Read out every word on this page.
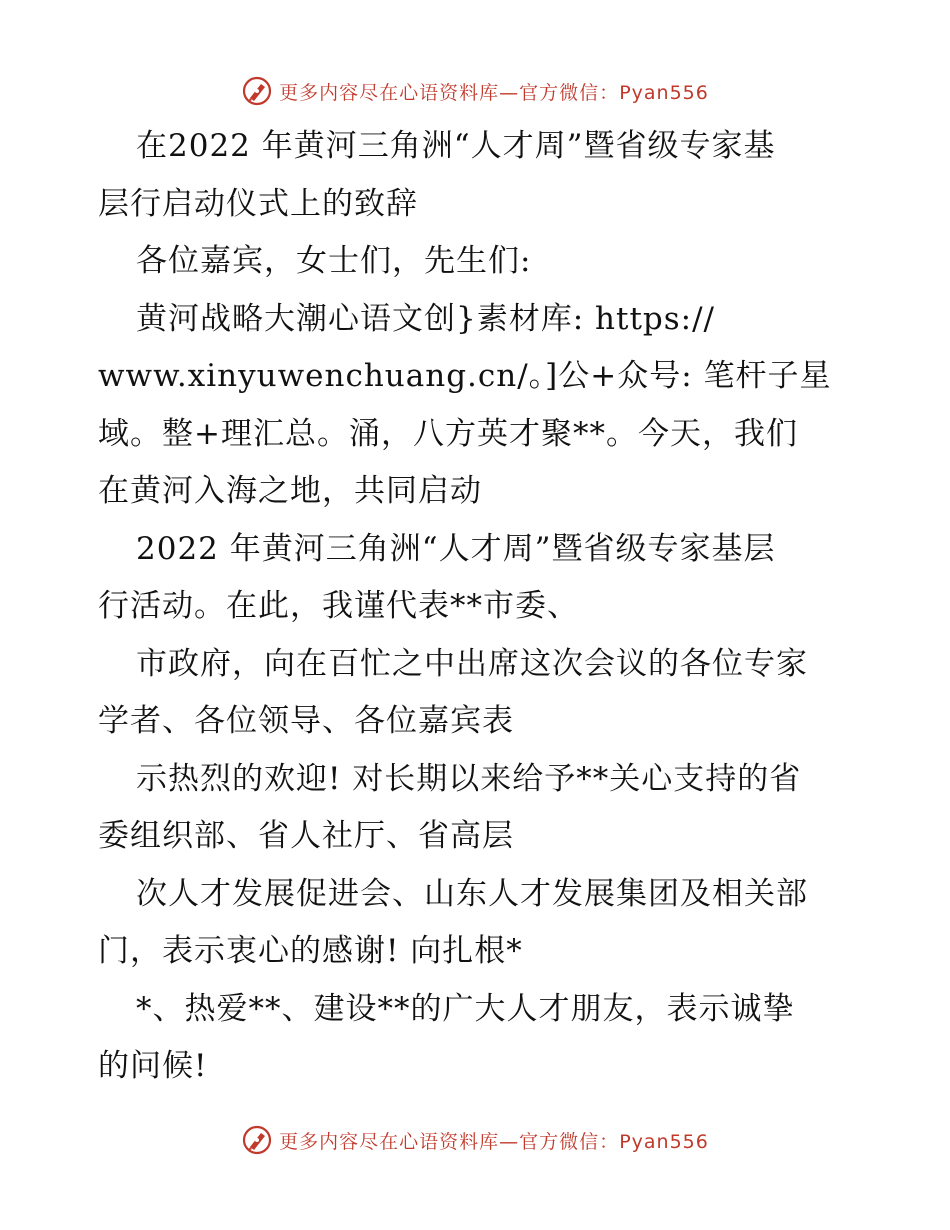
更多内容尽在心语资料库—官方微信：Pyan556
在2022 年黄河三角洲“人才周”暨省级专家基
层行启动仪式上的致辞
各位嘉宾，女士们，先生们:
黄河战略大潮心语文创}素材库: https://
www.xinyuwenchuang.cn/。]公+众号: 笔杆子星
域。整+理汇总。涌，八方英才聚**。今天，我们
在黄河入海之地，共同启动
2022 年黄河三角洲“人才周”暨省级专家基层
行活动。在此，我谨代表**市委、
市政府，向在百忙之中出席这次会议的各位专家
学者、各位领导、各位嘉宾表
示热烈的欢迎! 对长期以来给予**关心支持的省
委组织部、省人社厅、省高层
次人才发展促进会、山东人才发展集团及相关部
门，表示衷心的感谢! 向扎根*
*、热爱**、建设**的广大人才朋友，表示诚挚
的问候!
更多内容尽在心语资料库—官方微信：Pyan556
